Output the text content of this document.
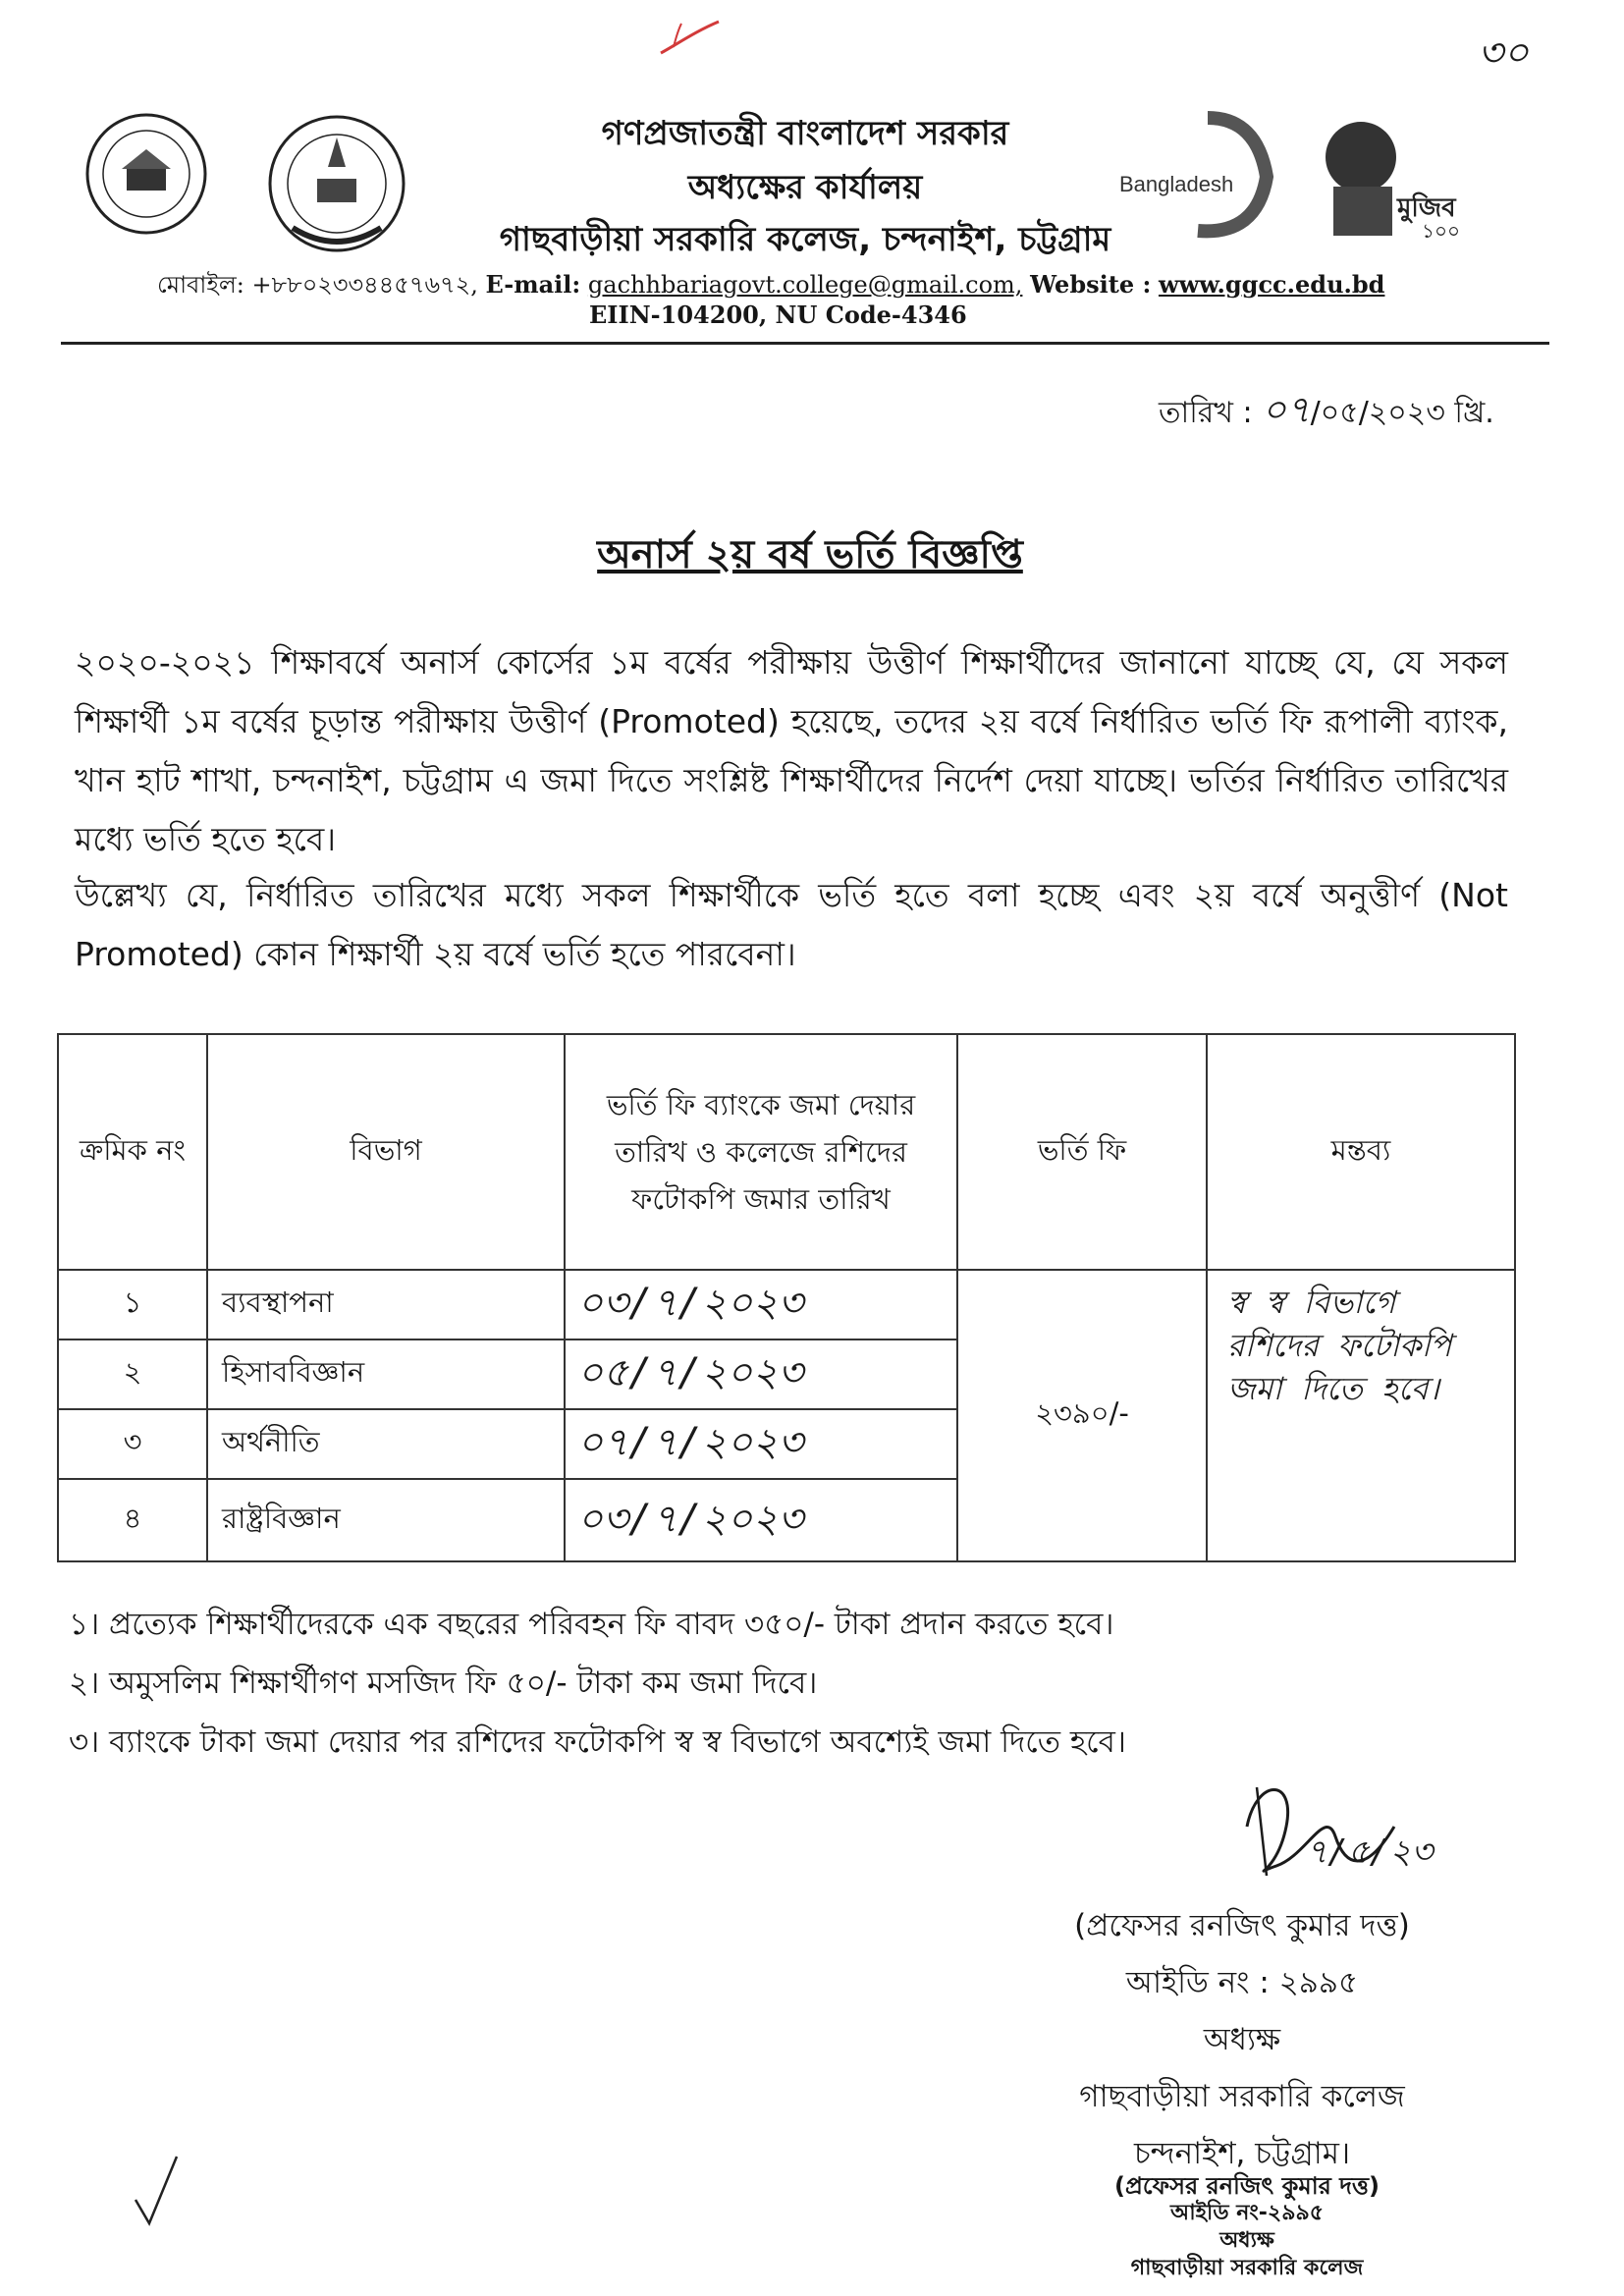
৩০
Bangladesh
মুজিব
১০০
গণপ্রজাতন্ত্রী বাংলাদেশ সরকার
অধ্যক্ষের কার্যালয়
গাছবাড়ীয়া সরকারি কলেজ, চন্দনাইশ, চট্টগ্রাম
মোবাইল: +৮৮০২৩৩৪৪৫৭৬৭২, E-mail: gachhbariagovt.college@gmail.com, Website : www.ggcc.edu.bd
EIIN-104200, NU Code-4346
তারিখ : ০৭/০৫/২০২৩ খ্রি.
অনার্স ২য় বর্ষ ভর্তি বিজ্ঞপ্তি
২০২০-২০২১ শিক্ষাবর্ষে অনার্স কোর্সের ১ম বর্ষের পরীক্ষায় উত্তীর্ণ শিক্ষার্থীদের জানানো যাচ্ছে যে, যে সকল শিক্ষার্থী ১ম বর্ষের চূড়ান্ত পরীক্ষায় উত্তীর্ণ (Promoted) হয়েছে, তদের ২য় বর্ষে নির্ধারিত ভর্তি ফি রূপালী ব্যাংক, খান হাট শাখা, চন্দনাইশ, চট্টগ্রাম এ জমা দিতে সংশ্লিষ্ট শিক্ষার্থীদের নির্দেশ দেয়া যাচ্ছে। ভর্তির নির্ধারিত তারিখের মধ্যে ভর্তি হতে হবে।
উল্লেখ্য যে, নির্ধারিত তারিখের মধ্যে সকল শিক্ষার্থীকে ভর্তি হতে বলা হচ্ছে এবং ২য় বর্ষে অনুত্তীর্ণ (Not Promoted) কোন শিক্ষার্থী ২য় বর্ষে ভর্তি হতে পারবেনা।
ক্রমিক নং	বিভাগ	ভর্তি ফি ব্যাংকে জমা দেয়ার তারিখ ও কলেজে রশিদের ফটোকপি জমার তারিখ	ভর্তি ফি	মন্তব্য
১	ব্যবস্থাপনা	০৩/৭/২০২৩	২৩৯০/-	স্ব স্ব বিভাগে রশিদের ফটোকপি জমা দিতে হবে।
২	হিসাববিজ্ঞান	০৫/৭/২০২৩		
৩	অর্থনীতি	০৭/৭/২০২৩		
৪	রাষ্ট্রবিজ্ঞান	০৩/৭/২০২৩		
১। প্রত্যেক শিক্ষার্থীদেরকে এক বছরের পরিবহন ফি বাবদ ৩৫০/- টাকা প্রদান করতে হবে।
২। অমুসলিম শিক্ষার্থীগণ মসজিদ ফি ৫০/- টাকা কম জমা দিবে।
৩। ব্যাংকে টাকা জমা দেয়ার পর রশিদের ফটোকপি স্ব স্ব বিভাগে অবশ্যেই জমা দিতে হবে।
৭/৫/২৩
(প্রফেসর রনজিৎ কুমার দত্ত)
আইডি নং : ২৯৯৫
অধ্যক্ষ
গাছবাড়ীয়া সরকারি কলেজ
চন্দনাইশ, চট্টগ্রাম।
(প্রফেসর রনজিৎ কুমার দত্ত)
আইডি নং-২৯৯৫
অধ্যক্ষ
গাছবাড়ীয়া সরকারি কলেজ
